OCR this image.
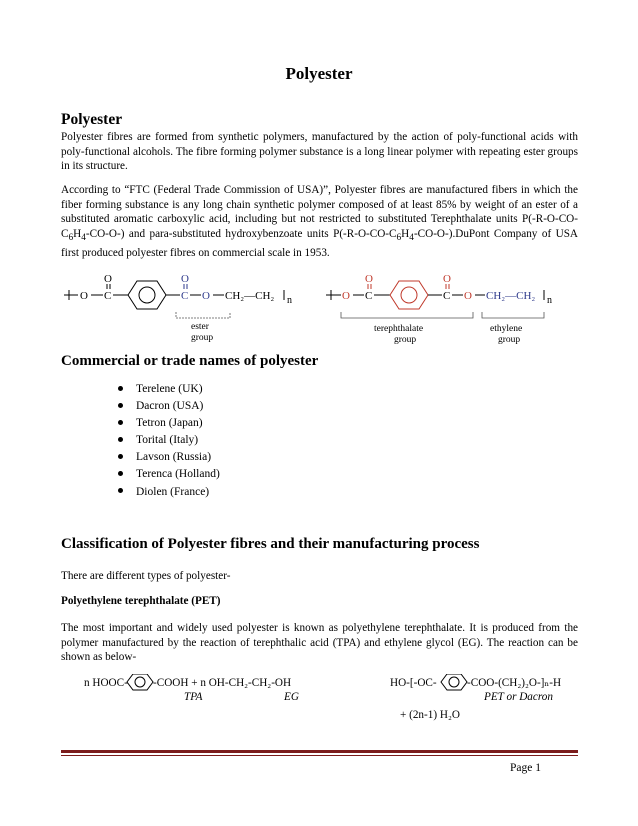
Polyester
Polyester
Polyester fibres are formed from synthetic polymers, manufactured by the action of poly-functional acids with poly-functional alcohols. The fibre forming polymer substance is a long linear polymer with repeating ester groups in its structure.
According to “FTC (Federal Trade Commission of USA)”, Polyester fibres are manufactured fibers in which the fiber forming substance is any long chain synthetic polymer composed of at least 85% by weight of an ester of a substituted aromatic carboxylic acid, including but not restricted to substituted Terephthalate units $P(-R-O-CO-C_6H_4-CO-O-)$ and para-substituted hydroxybenzoate units $P(-R-O-CO-C_6H_4-CO-O-).DuPont$ Company of USA first produced polyester fibres on commercial scale in 1953.
O C
O
C
O
O CH₂—CH₂ n
ester
group
O C
O
C
O
O CH₂—CH₂ n
terephthalate
group
ethylene
group
Commercial or trade names of polyester
Terelene (UK)
Dacron (USA)
Tetron (Japan)
Torital (Italy)
Lavson (Russia)
Terenca (Holland)
Diolen (France)
Classification of Polyester fibres and their manufacturing process
There are different types of polyester-
Polyethylene terephthalate (PET)
The most important and widely used polyester is known as polyethylene terephthalate. It is produced from the polymer manufactured by the reaction of terephthalic acid (TPA) and ethylene glycol (EG). The reaction can be shown as below-
n HOOC- -COOH + n OH-CH₂-CH₂-OH	HO-[-OC-	-COO-(CH₂)₂O-]ₙ-H
TPA	EG	PET or Dacron
+ (2n-1) H₂O
Page 1
